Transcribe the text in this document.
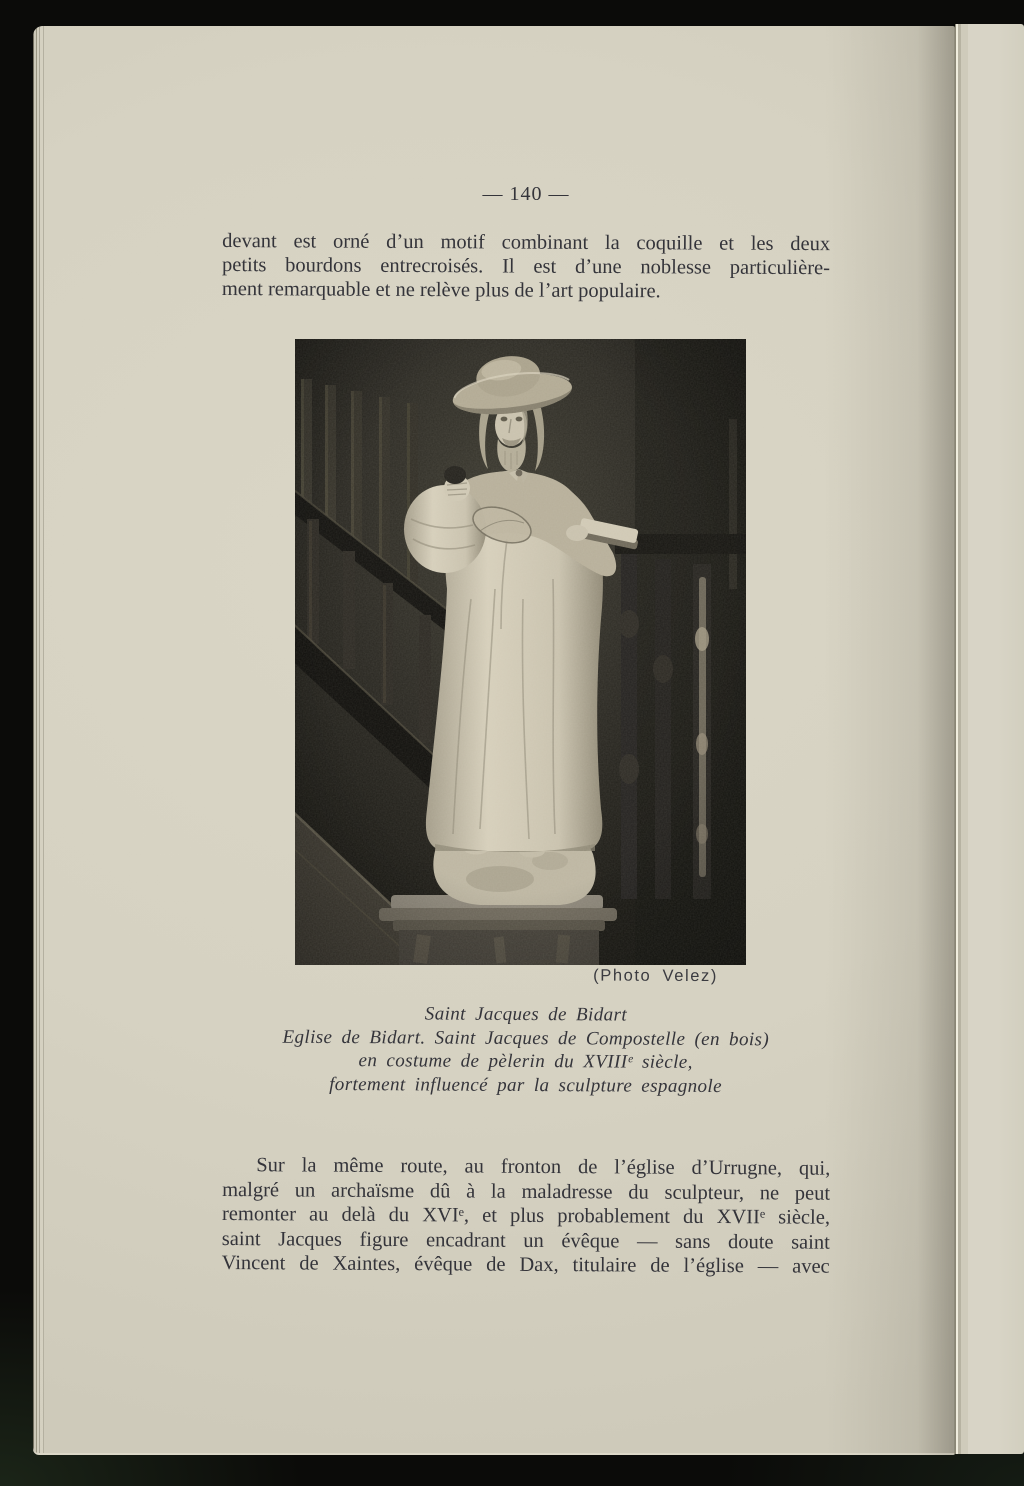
— 140 —
devant est orné d’un motif combinant la coquille et les deux
petits bourdons entrecroisés. Il est d’une noblesse particulière-
ment remarquable et ne relève plus de l’art populaire.
(Photo Velez)
Saint Jacques de Bidart
Eglise de Bidart. Saint Jacques de Compostelle (en bois)
en costume de pèlerin du XVIIIᵉ siècle,
fortement influencé par la sculpture espagnole
Sur la même route, au fronton de l’église d’Urrugne, qui,
malgré un archaïsme dû à la maladresse du sculpteur, ne peut
remonter au delà du XVIᵉ, et plus probablement du XVIIᵉ siècle,
saint Jacques figure encadrant un évêque — sans doute saint
Vincent de Xaintes, évêque de Dax, titulaire de l’église — avec
